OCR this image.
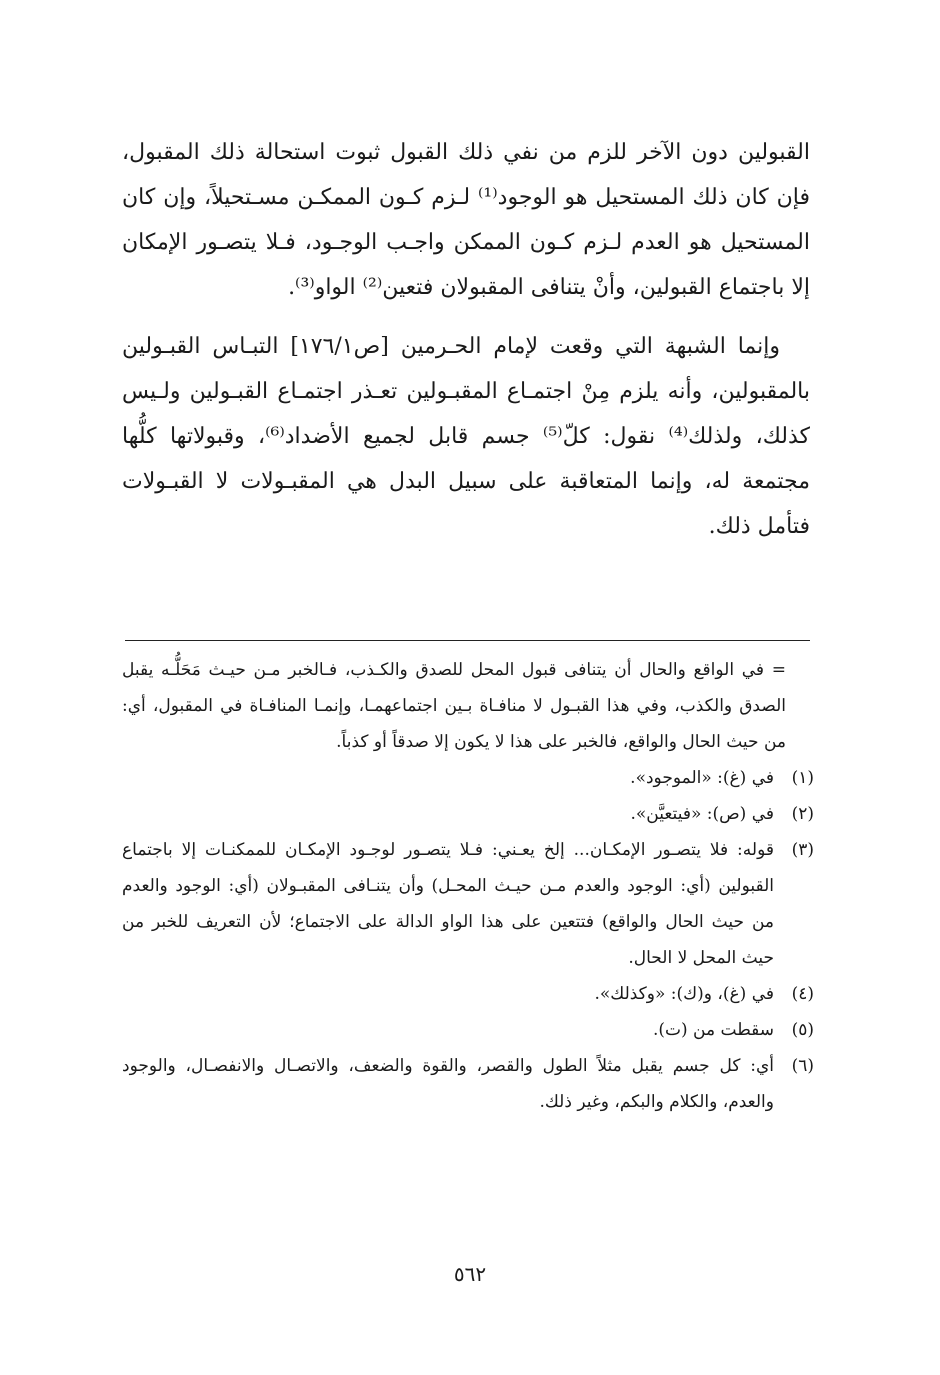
القبولين دون الآخر للزم من نفي ذلك القبول ثبوت استحالة ذلك المقبول، فإن كان ذلك المستحيل هو الوجود⁽¹⁾ لـزم كـون الممكـن مسـتحيلاً، وإن كان المستحيل هو العدم لـزم كـون الممكن واجـب الوجـود، فـلا يتصـور الإمكان إلا باجتماع القبولين، وأنْ يتنافى المقبولان فتعين⁽²⁾ الواو⁽³⁾.

وإنما الشبهة التي وقعت لإمام الحـرمين [ص١٧٦/١] التبـاس القبـولين بالمقبولين، وأنه يلزم مِنْ اجتمـاع المقبـولين تعـذر اجتمـاع القبـولين ولـيس كذلك، ولذلك⁽⁴⁾ نقول: كلّ⁽⁵⁾ جسم قابل لجميع الأضداد⁽⁶⁾، وقبولاتها كلُّها مجتمعة له، وإنما المتعاقبة على سبيل البدل هي المقبـولات لا القبـولات فتأمل ذلك.

= في الواقع والحال أن يتنافى قبول المحل للصدق والكـذب، فـالخبر مـن حيـث مَحَلُّـه يقبل الصدق والكذب، وفي هذا القبـول لا منافـاة بـين اجتماعهمـا، وإنمـا المنافـاة في المقبول، أي: من حيث الحال والواقع، فالخبر على هذا لا يكون إلا صدقاً أو كذباً.
(١)
في (غ): «الموجود».
(٢)
في (ص): «فيتعيَّن».
(٣)
قوله: فلا يتصـور الإمكـان... إلخ يعـني: فـلا يتصـور لوجـود الإمكـان للممكنـات إلا باجتماع القبولين (أي: الوجود والعدم مـن حيـث المحـل) وأن يتنـافى المقبـولان (أي: الوجود والعدم من حيث الحال والواقع) فتتعين على هذا الواو الدالة على الاجتماع؛ لأن التعريف للخبر من حيث المحل لا الحال.
(٤)
في (غ)، و(ك): «وكذلك».
(٥)
سقطت من (ت).
(٦)
أي: كل جسم يقبل مثلاً الطول والقصر، والقوة والضعف، والاتصـال والانفصـال، والوجود والعدم، والكلام والبكم، وغير ذلك.
٥٦٢
